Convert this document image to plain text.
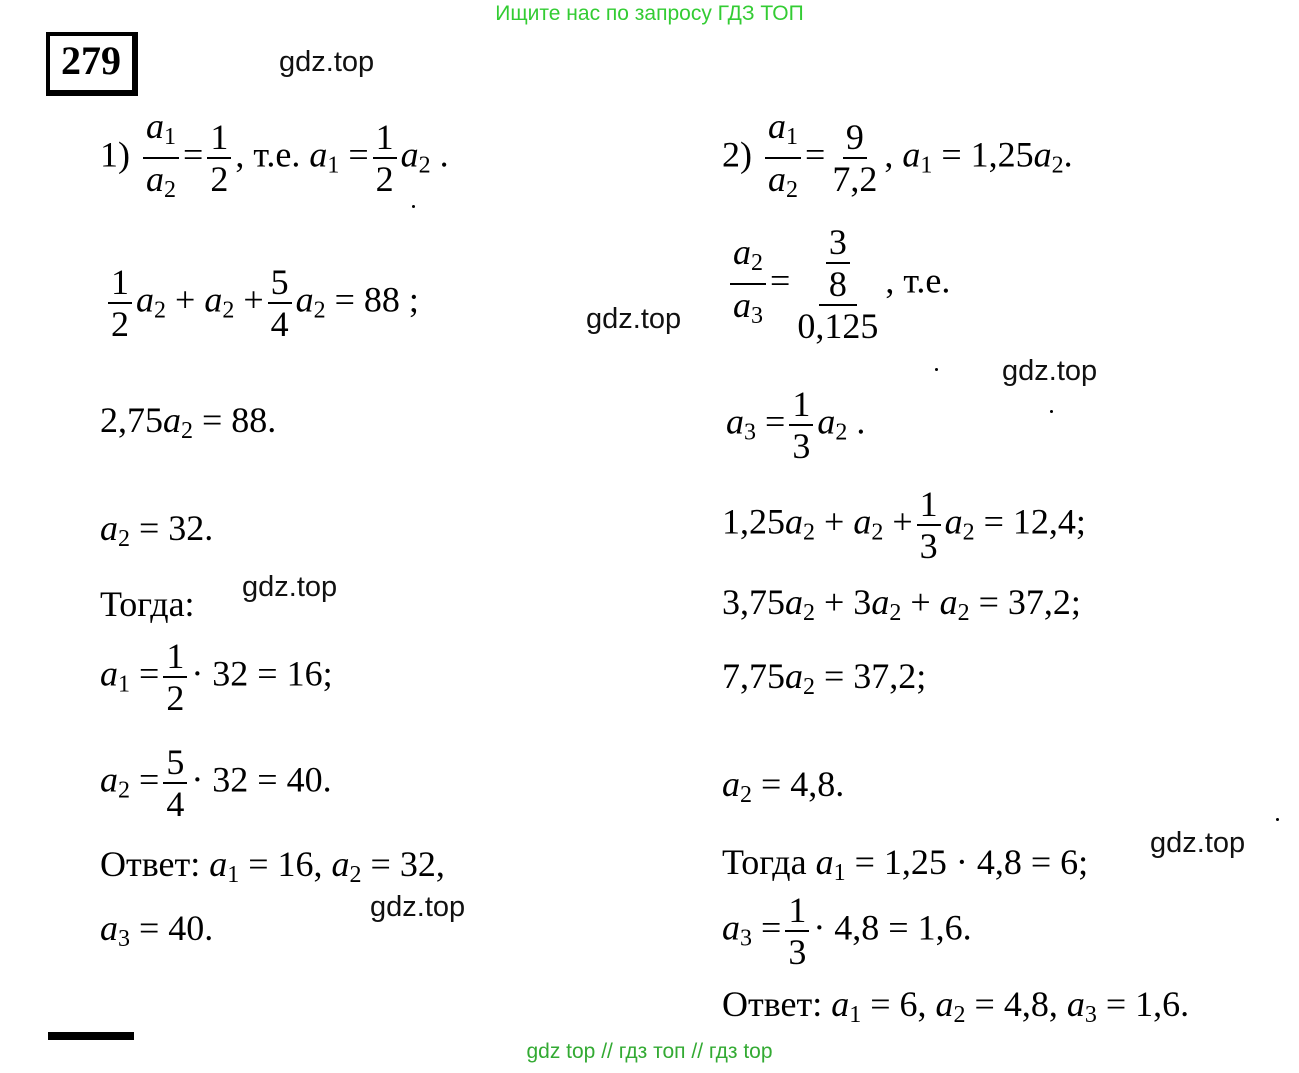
Ищите нас по запросу ГДЗ ТОП
279	gdz.top
gdz.top
gdz.top
gdz.top
gdz.top
gdz.top
$1) \frac{a_1}{a_2} = \frac{1}{2}$ , т.е. $a_1 = \frac{1}{2} a_2$ .
$\frac{1}{2} a_2 + a_2 + \frac{5}{4} a_2 = 88$ ;
$2,75a_2 = 88$.
$a_2 = 32$.
Тогда:
$a_1 = \frac{1}{2} \cdot 32 = 16$;
$a_2 = \frac{5}{4} \cdot 32 = 40$.
Ответ: $a_1 = 16$, $a_2 = 32$,
$a_3 = 40$.
$2) \frac{a_1}{a_2} = \frac{9}{7,2}$ , $a_1 = 1,25a_2$.
$\frac{a_2}{a_3} = \frac{\frac{3}{8}}{0,125}$ , т.е.
$a_3 = \frac{1}{3} a_2$ .
$1,25a_2 + a_2 + \frac{1}{3} a_2 = 12,4$;
$3,75a_2 + 3a_2 + a_2 = 37,2$;
$7,75a_2 = 37,2$;
$a_2 = 4,8$.
Тогда $a_1 = 1,25 \cdot 4,8 = 6$;
$a_3 = \frac{1}{3} \cdot 4,8 = 1,6$.
Ответ: $a_1 = 6$, $a_2 = 4,8$, $a_3 = 1,6$.
gdz top // гдз топ // гдз top
